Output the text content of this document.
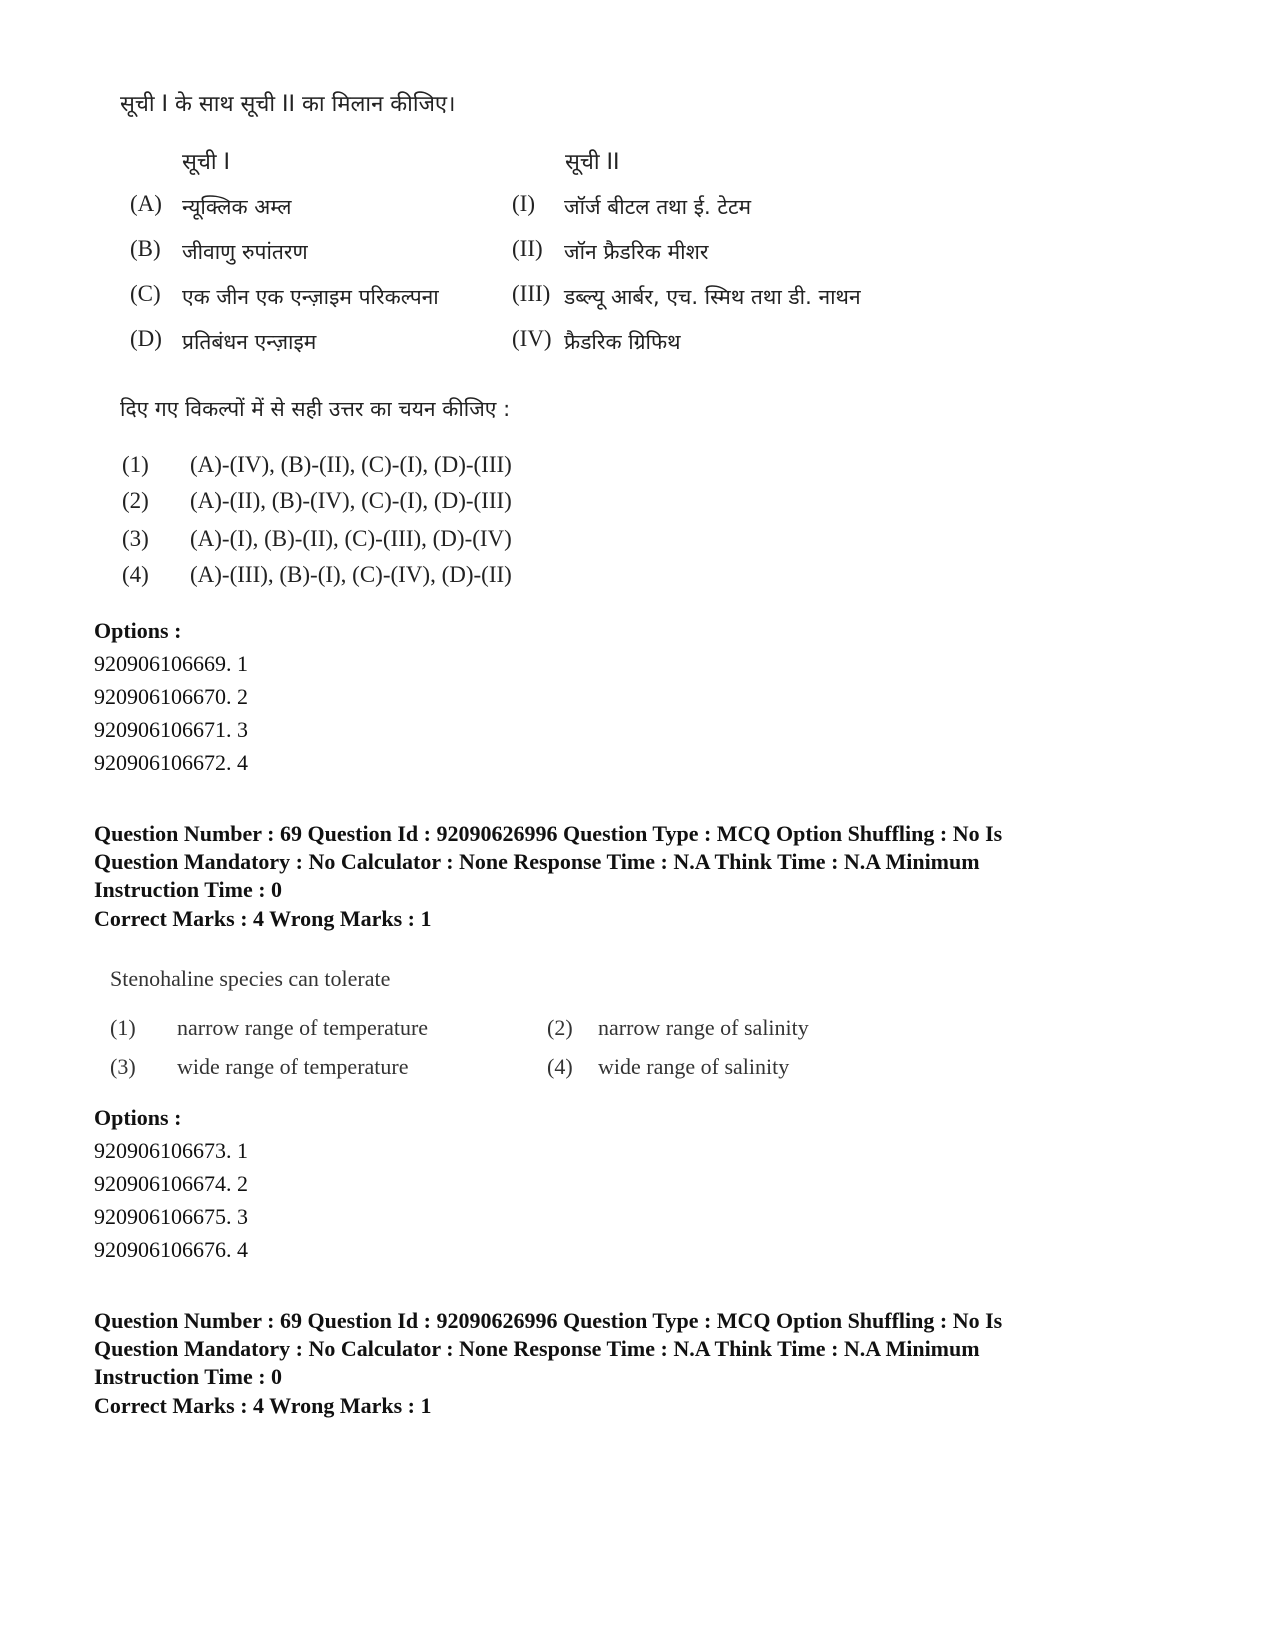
सूची I के साथ सूची II का मिलान कीजिए।
सूची I	सूची II
(A) न्यूक्लिक अम्ल	(I) जॉर्ज बीटल तथा ई. टेटम
(B) जीवाणु रुपांतरण	(II) जॉन फ्रैडरिक मीशर
(C) एक जीन एक एन्ज़ाइम परिकल्पना	(III) डब्ल्यू आर्बर, एच. स्मिथ तथा डी. नाथन
(D) प्रतिबंधन एन्ज़ाइम	(IV) फ्रैडरिक ग्रिफिथ
दिए गए विकल्पों में से सही उत्तर का चयन कीजिए :
(1) (A)-(IV), (B)-(II), (C)-(I), (D)-(III)
(2) (A)-(II), (B)-(IV), (C)-(I), (D)-(III)
(3) (A)-(I), (B)-(II), (C)-(III), (D)-(IV)
(4) (A)-(III), (B)-(I), (C)-(IV), (D)-(II)
Options :
920906106669. 1
920906106670. 2
920906106671. 3
920906106672. 4
Question Number : 69 Question Id : 92090626996 Question Type : MCQ Option Shuffling : No Is
Question Mandatory : No Calculator : None Response Time : N.A Think Time : N.A Minimum
Instruction Time : 0
Correct Marks : 4 Wrong Marks : 1
Stenohaline species can tolerate
(1) narrow range of temperature	(2) narrow range of salinity
(3) wide range of temperature	(4) wide range of salinity
Options :
920906106673. 1
920906106674. 2
920906106675. 3
920906106676. 4
Question Number : 69 Question Id : 92090626996 Question Type : MCQ Option Shuffling : No Is
Question Mandatory : No Calculator : None Response Time : N.A Think Time : N.A Minimum
Instruction Time : 0
Correct Marks : 4 Wrong Marks : 1
